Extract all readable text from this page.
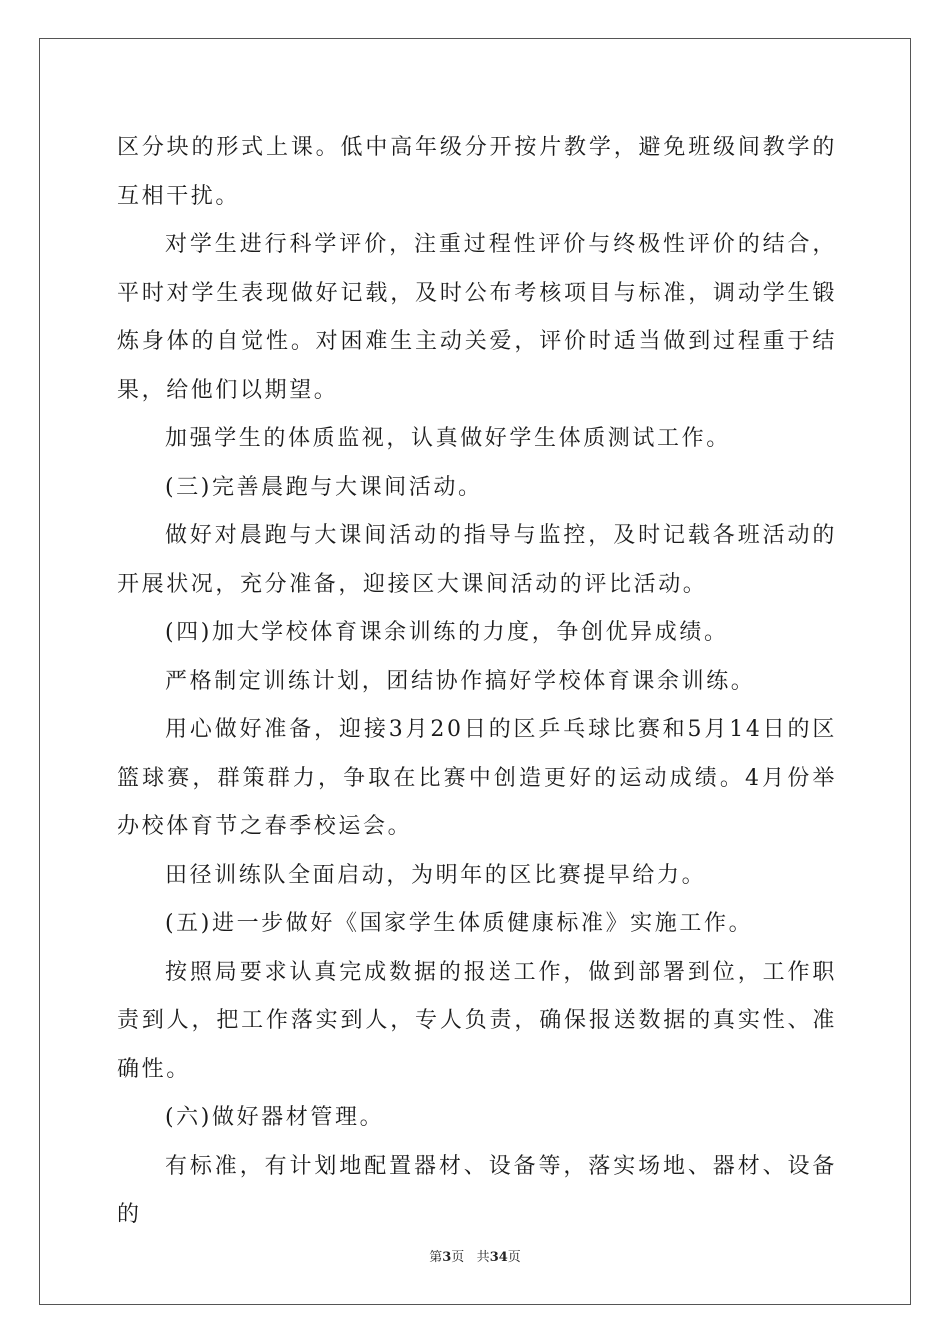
区分块的形式上课。低中高年级分开按片教学，避免班级间教学的互相干扰。

对学生进行科学评价，注重过程性评价与终极性评价的结合，平时对学生表现做好记载，及时公布考核项目与标准，调动学生锻炼身体的自觉性。对困难生主动关爱，评价时适当做到过程重于结果，给他们以期望。

加强学生的体质监视，认真做好学生体质测试工作。

(三)完善晨跑与大课间活动。

做好对晨跑与大课间活动的指导与监控，及时记载各班活动的开展状况，充分准备，迎接区大课间活动的评比活动。

(四)加大学校体育课余训练的力度，争创优异成绩。

严格制定训练计划，团结协作搞好学校体育课余训练。

用心做好准备，迎接3月20日的区乒乓球比赛和5月14日的区篮球赛，群策群力，争取在比赛中创造更好的运动成绩。4月份举办校体育节之春季校运会。

田径训练队全面启动，为明年的区比赛提早给力。

(五)进一步做好《国家学生体质健康标准》实施工作。

按照局要求认真完成数据的报送工作，做到部署到位，工作职责到人，把工作落实到人，专人负责，确保报送数据的真实性、准确性。

(六)做好器材管理。

有标准，有计划地配置器材、设备等，落实场地、器材、设备的

第3页 共34页
